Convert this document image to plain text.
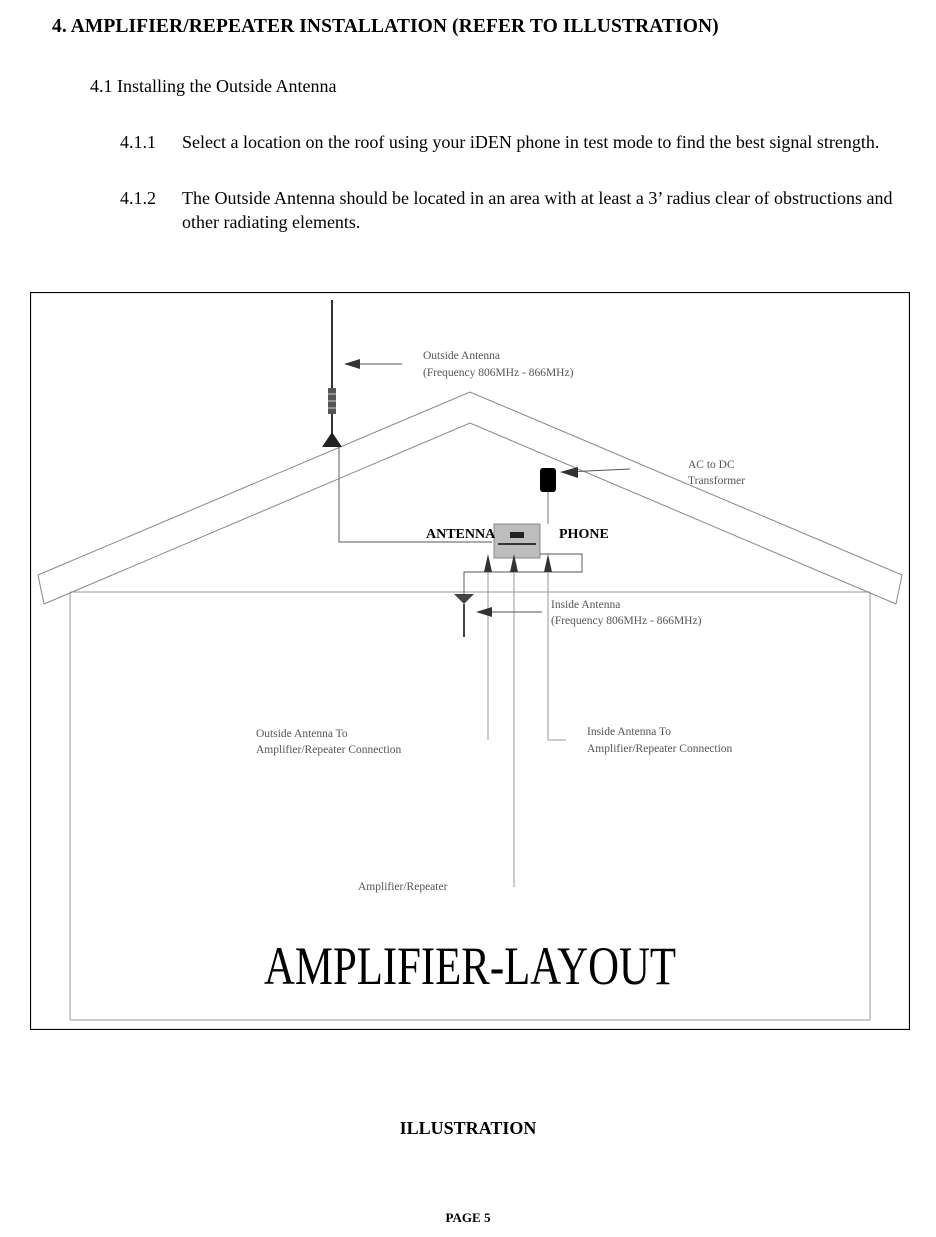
4. AMPLIFIER/REPEATER INSTALLATION (REFER TO ILLUSTRATION)
4.1 Installing the Outside Antenna
4.1.1 Select a location on the roof using your iDEN phone in test mode to find the best signal strength.
4.1.2 The Outside Antenna should be located in an area with at least a 3’ radius clear of obstructions and other radiating elements.
Outside Antenna
(Frequency 806MHz - 866MHz)
AC to DC
Transformer
ANTENNA	PHONE
Inside Antenna
(Frequency 806MHz - 866MHz)
Outside Antenna To
Amplifier/Repeater Connection
Inside Antenna To
Amplifier/Repeater Connection
Amplifier/Repeater
AMPLIFIER-LAYOUT
ILLUSTRATION
PAGE 5
